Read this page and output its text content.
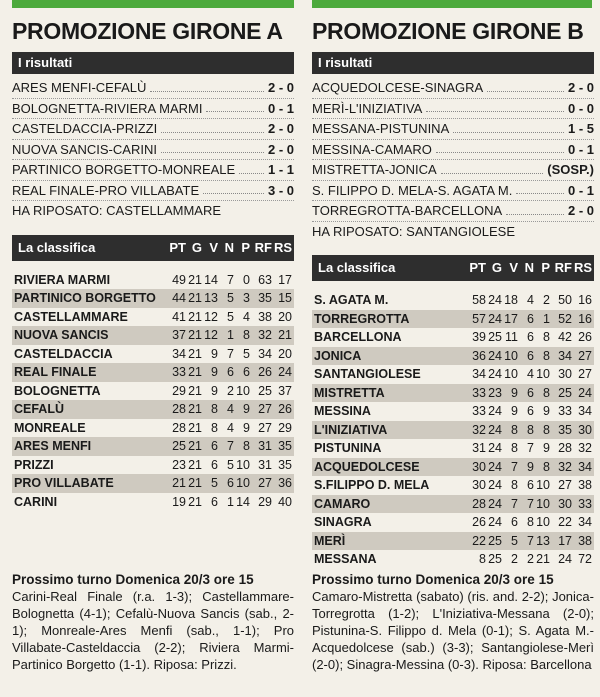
PROMOZIONE GIRONE A
I risultati
ARES MENFI-CEFALÙ	2 - 0
BOLOGNETTA-RIVIERA MARMI	0 - 1
CASTELDACCIA-PRIZZI	2 - 0
NUOVA SANCIS-CARINI	2 - 0
PARTINICO BORGETTO-MONREALE	1 - 1
REAL FINALE-PRO VILLABATE	3 - 0
HA RIPOSATO: CASTELLAMMARE
La classifica	PT G V N P RF RS
RIVIERA MARMI	49 21 14 7 0 63 17
PARTINICO BORGETTO	44 21 13 5 3 35 15
CASTELLAMMARE	41 21 12 5 4 38 20
NUOVA SANCIS	37 21 12 1 8 32 21
CASTELDACCIA	34 21 9 7 5 34 20
REAL FINALE	33 21 9 6 6 26 24
BOLOGNETTA	29 21 9 2 10 25 37
CEFALÙ	28 21 8 4 9 27 26
MONREALE	28 21 8 4 9 27 29
ARES MENFI	25 21 6 7 8 31 35
PRIZZI	23 21 6 5 10 31 35
PRO VILLABATE	21 21 5 6 10 27 36
CARINI	19 21 6 1 14 29 40
PROMOZIONE GIRONE B
I risultati
ACQUEDOLCESE-SINAGRA	2 - 0
MERÌ-L'INIZIATIVA	0 - 0
MESSANA-PISTUNINA	1 - 5
MESSINA-CAMARO	0 - 1
MISTRETTA-JONICA	(SOSP.)
S. FILIPPO D. MELA-S. AGATA M.	0 - 1
TORREGROTTA-BARCELLONA	2 - 0
HA RIPOSATO: SANTANGIOLESE
La classifica	PT G V N P RF RS
S. AGATA M.	58 24 18 4 2 50 16
TORREGROTTA	57 24 17 6 1 52 16
BARCELLONA	39 25 11 6 8 42 26
JONICA	36 24 10 6 8 34 27
SANTANGIOLESE	34 24 10 4 10 30 27
MISTRETTA	33 23 9 6 8 25 24
MESSINA	33 24 9 6 9 33 34
L'INIZIATIVA	32 24 8 8 8 35 30
PISTUNINA	31 24 8 7 9 28 32
ACQUEDOLCESE	30 24 7 9 8 32 34
S.FILIPPO D. MELA	30 24 8 6 10 27 38
CAMARO	28 24 7 7 10 30 33
SINAGRA	26 24 6 8 10 22 34
MERÌ	22 25 5 7 13 17 38
MESSANA	8 25 2 2 21 24 72
Prossimo turno Domenica 20/3 ore 15
Carini-Real Finale (r.a. 1-3); Castellammare-Bolognetta (4-1); Cefalù-Nuova Sancis (sab., 2-1); Monreale-Ares Menfi (sab., 1-1); Pro Villabate-Casteldaccia (2-2); Riviera Marmi-Partinico Borgetto (1-1). Riposa: Prizzi.
Prossimo turno Domenica 20/3 ore 15
Camaro-Mistretta (sabato) (ris. and. 2-2); Jonica-Torregrotta (1-2); L'Iniziativa-Messana (2-0); Pistunina-S. Filippo d. Mela (0-1); S. Agata M.-Acquedolcese (sab.) (3-3); Santangiolese-Merì (2-0); Sinagra-Messina (0-3). Riposa: Barcellona
